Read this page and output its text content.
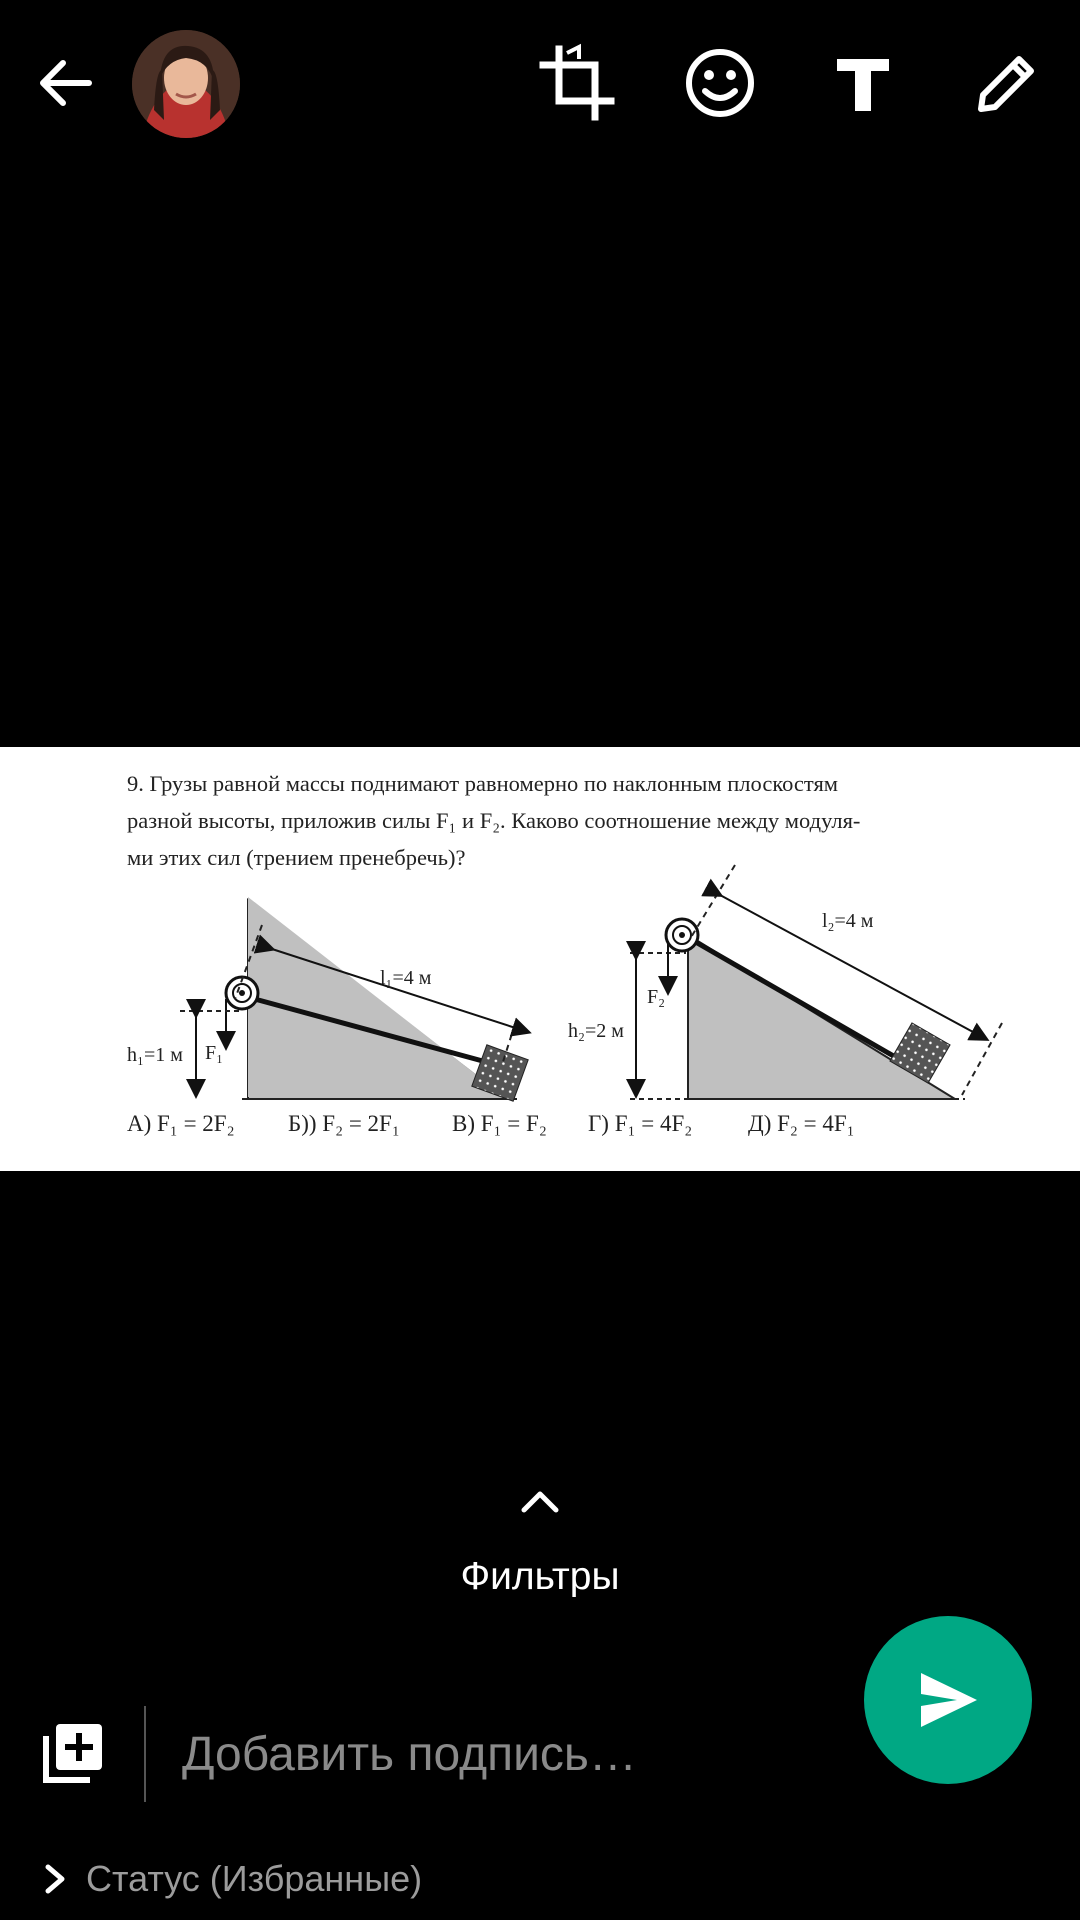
9. Грузы равной массы поднимают равномерно по наклонным плоскостям
разной высоты, приложив силы F₁ и F₂. Каково соотношение между модуля-
ми этих сил (трением пренебречь)?
h₁=1 м F₁
l₁=4 м
h₂=2 м
F₂
l₂=4 м
А) F₁ = 2F₂ Б)) F₂ = 2F₁ В) F₁ = F₂ Г) F₁ = 4F₂ Д) F₂ = 4F₁
Фильтры
Добавить подпись…
Статус (Избранные)
